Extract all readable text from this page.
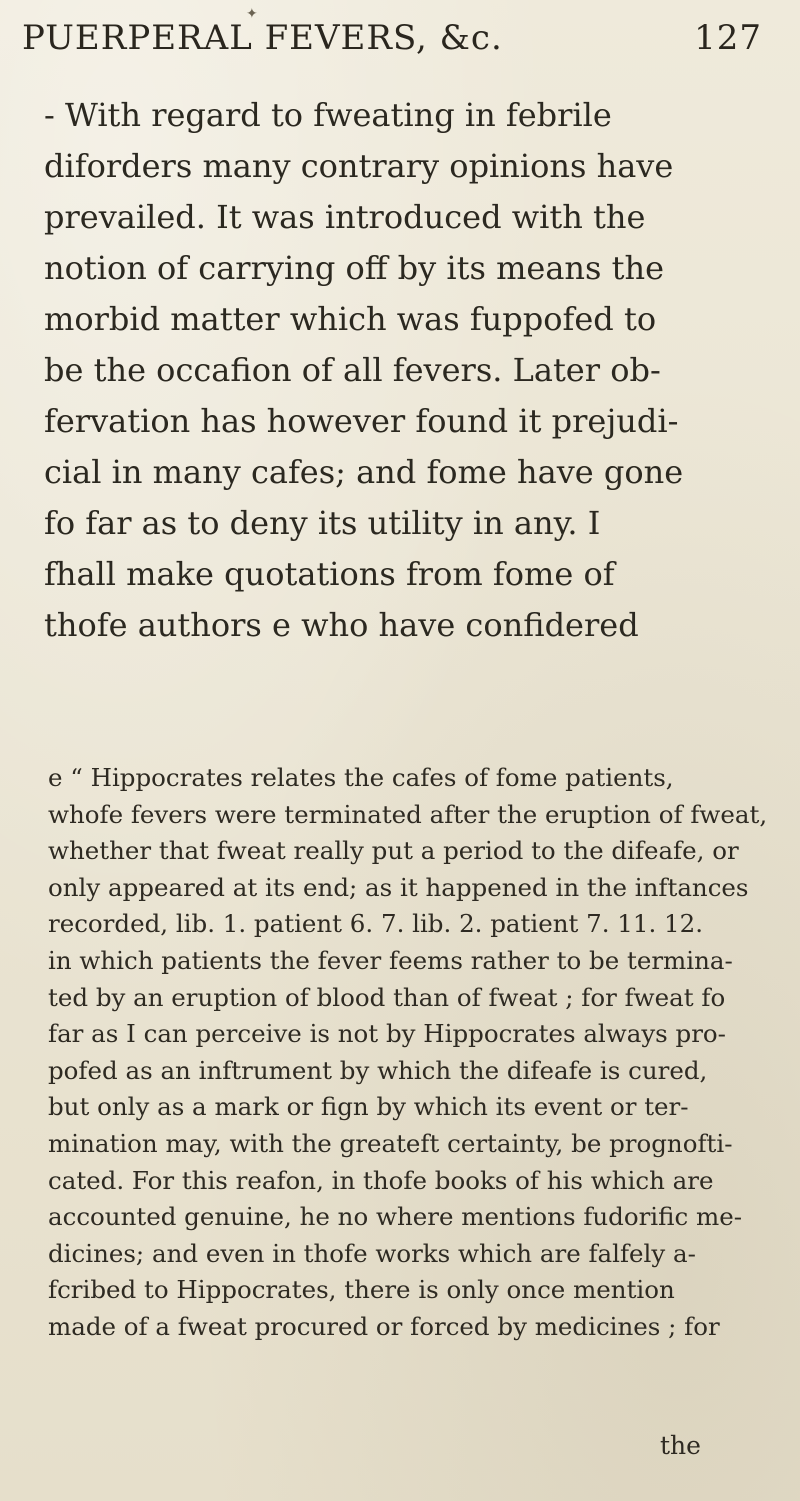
✦
PUERPERAL FEVERS, &c.	127
- With regard to fweating in febrile
diforders many contrary opinions have
prevailed. It was introduced with the
notion of carrying off by its means the
morbid matter which was fuppofed to
be the occafion of all fevers. Later ob-
fervation has however found it prejudi-
cial in many cafes; and fome have gone
fo far as to deny its utility in any. I
fhall make quotations from fome of
thofe authors e who have confidered
e “ Hippocrates relates the cafes of fome patients,
whofe fevers were terminated after the eruption of fweat,
whether that fweat really put a period to the difeafe, or
only appeared at its end; as it happened in the inftances
recorded, lib. 1. patient 6. 7. lib. 2. patient 7. 11. 12.
in which patients the fever feems rather to be termina-
ted by an eruption of blood than of fweat ; for fweat fo
far as I can perceive is not by Hippocrates always pro-
pofed as an inftrument by which the difeafe is cured,
but only as a mark or fign by which its event or ter-
mination may, with the greateft certainty, be prognofti-
cated. For this reafon, in thofe books of his which are
accounted genuine, he no where mentions fudorific me-
dicines; and even in thofe works which are falfely a-
fcribed to Hippocrates, there is only once mention
made of a fweat procured or forced by medicines ; for
the
